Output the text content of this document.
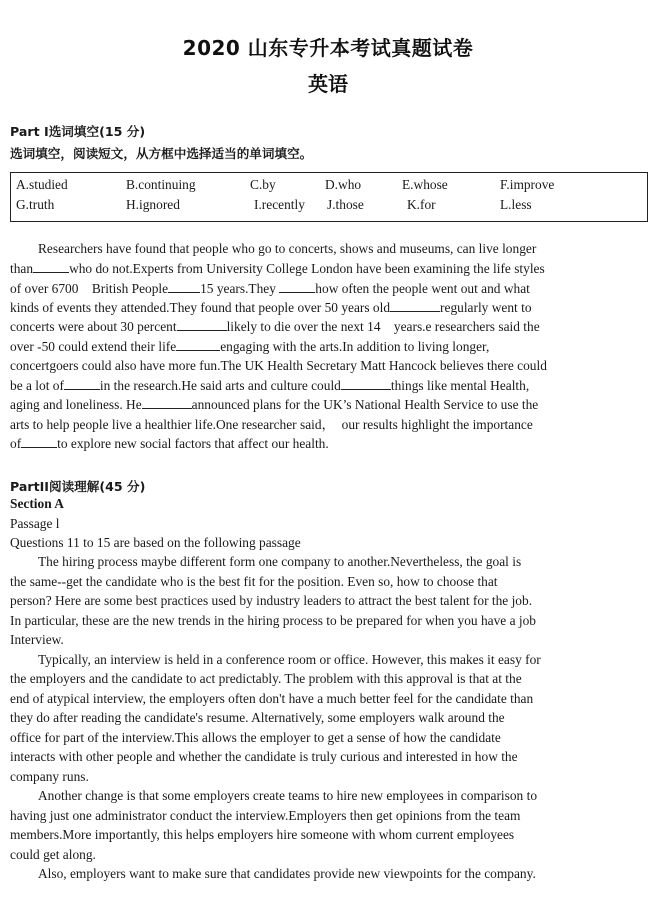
2020 山东专升本考试真题试卷
英语
Part I选词填空(15 分)
选词填空，阅读短文，从方框中选择适当的单词填空。
A.studied	B.continuing	C.by	D.who	E.whose	F.improve
G.truth	H.ignored	I.recently J.those	K.for	L.less
Researchers have found that people who go to concerts, shows and museums, can live longer
than	who do not.Experts from University College London have been examining the life styles
of over 6700    British People 15 years.They	how often the people went out and what
kinds of events they attended.They found that people over 50 years old	regularly went to
concerts were about 30 percent	likely to die over the next 14    years.e researchers said the
over -50 could extend their life	engaging with the arts.In addition to living longer,
concertgoers could also have more fun.The UK Health Secretary Matt Hancock believes there could
be a lot of	in the research.He said arts and culture could	things like mental Health,
aging and loneliness. He	announced plans for the UK’s National Health Service to use the
arts to help people live a healthier life.One researcher said，  our results highlight the importance
of	to explore new social factors that affect our health.
PartII阅读理解(45 分)
Section A
Passage l
Questions 11 to 15 are based on the following passage
The hiring process maybe different form one company to another.Nevertheless, the goal is
the same--get the candidate who is the best fit for the position. Even so, how to choose that
person? Here are some best practices used by industry leaders to attract the best talent for the job.
In particular, these are the new trends in the hiring process to be prepared for when you have a job
Interview.
Typically, an interview is held in a conference room or office. However, this makes it easy for
the employers and the candidate to act predictably. The problem with this approval is that at the
end of atypical interview, the employers often don't have a much better feel for the candidate than
they do after reading the candidate's resume. Alternatively, some employers walk around the
office for part of the interview.This allows the employer to get a sense of how the candidate
interacts with other people and whether the candidate is truly curious and interested in how the
company runs.
Another change is that some employers create teams to hire new employees in comparison to
having just one administrator conduct the interview.Employers then get opinions from the team
members.More importantly, this helps employers hire someone with whom current employees
could get along.
Also, employers want to make sure that candidates provide new viewpoints for the company.
